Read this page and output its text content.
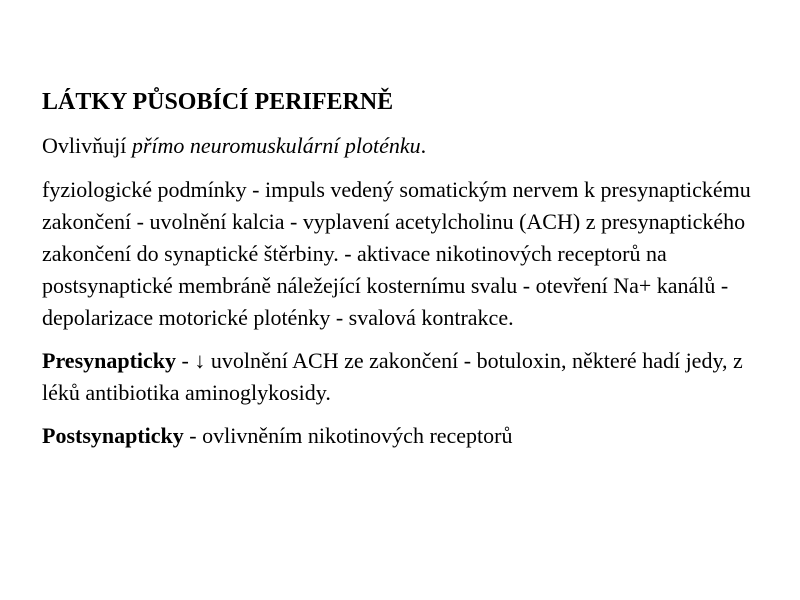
LÁTKY PŮSOBÍCÍ PERIFERNĚ

Ovlivňují přímo neuromuskulární ploténku.

fyziologické podmínky - impuls vedený somatickým nervem k presynaptickému zakončení - uvolnění kalcia - vyplavení acetylcholinu (ACH) z presynaptického zakončení do synaptické štěrbiny. - aktivace nikotinových receptorů na postsynaptické membráně náležející kosternímu svalu - otevření Na+ kanálů - depolarizace motorické ploténky - svalová kontrakce.

Presynapticky - ↓ uvolnění ACH ze zakončení - botuloxin, některé hadí jedy, z léků antibiotika aminoglykosidy.

Postsynapticky - ovlivněním nikotinových receptorů
